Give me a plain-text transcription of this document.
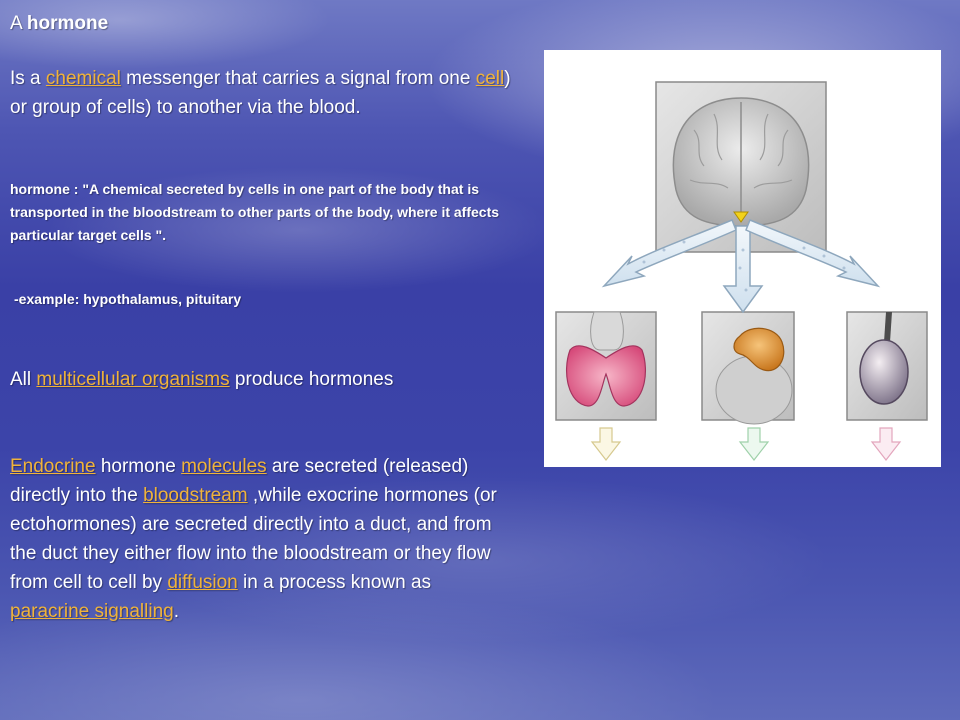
A hormone
Is a chemical messenger that carries a signal from one cell) or group of cells) to another via the blood.
hormone : "A chemical secreted by cells in one part of the body that is transported in the bloodstream to other parts of the body, where it affects particular target cells ".
-example: hypothalamus, pituitary
All multicellular organisms produce hormones
Endocrine hormone molecules are secreted (released) directly into the bloodstream ,while exocrine hormones (or ectohormones) are secreted directly into a duct, and from the duct they either flow into the bloodstream or they flow from cell to cell by diffusion in a process known as paracrine signalling.
